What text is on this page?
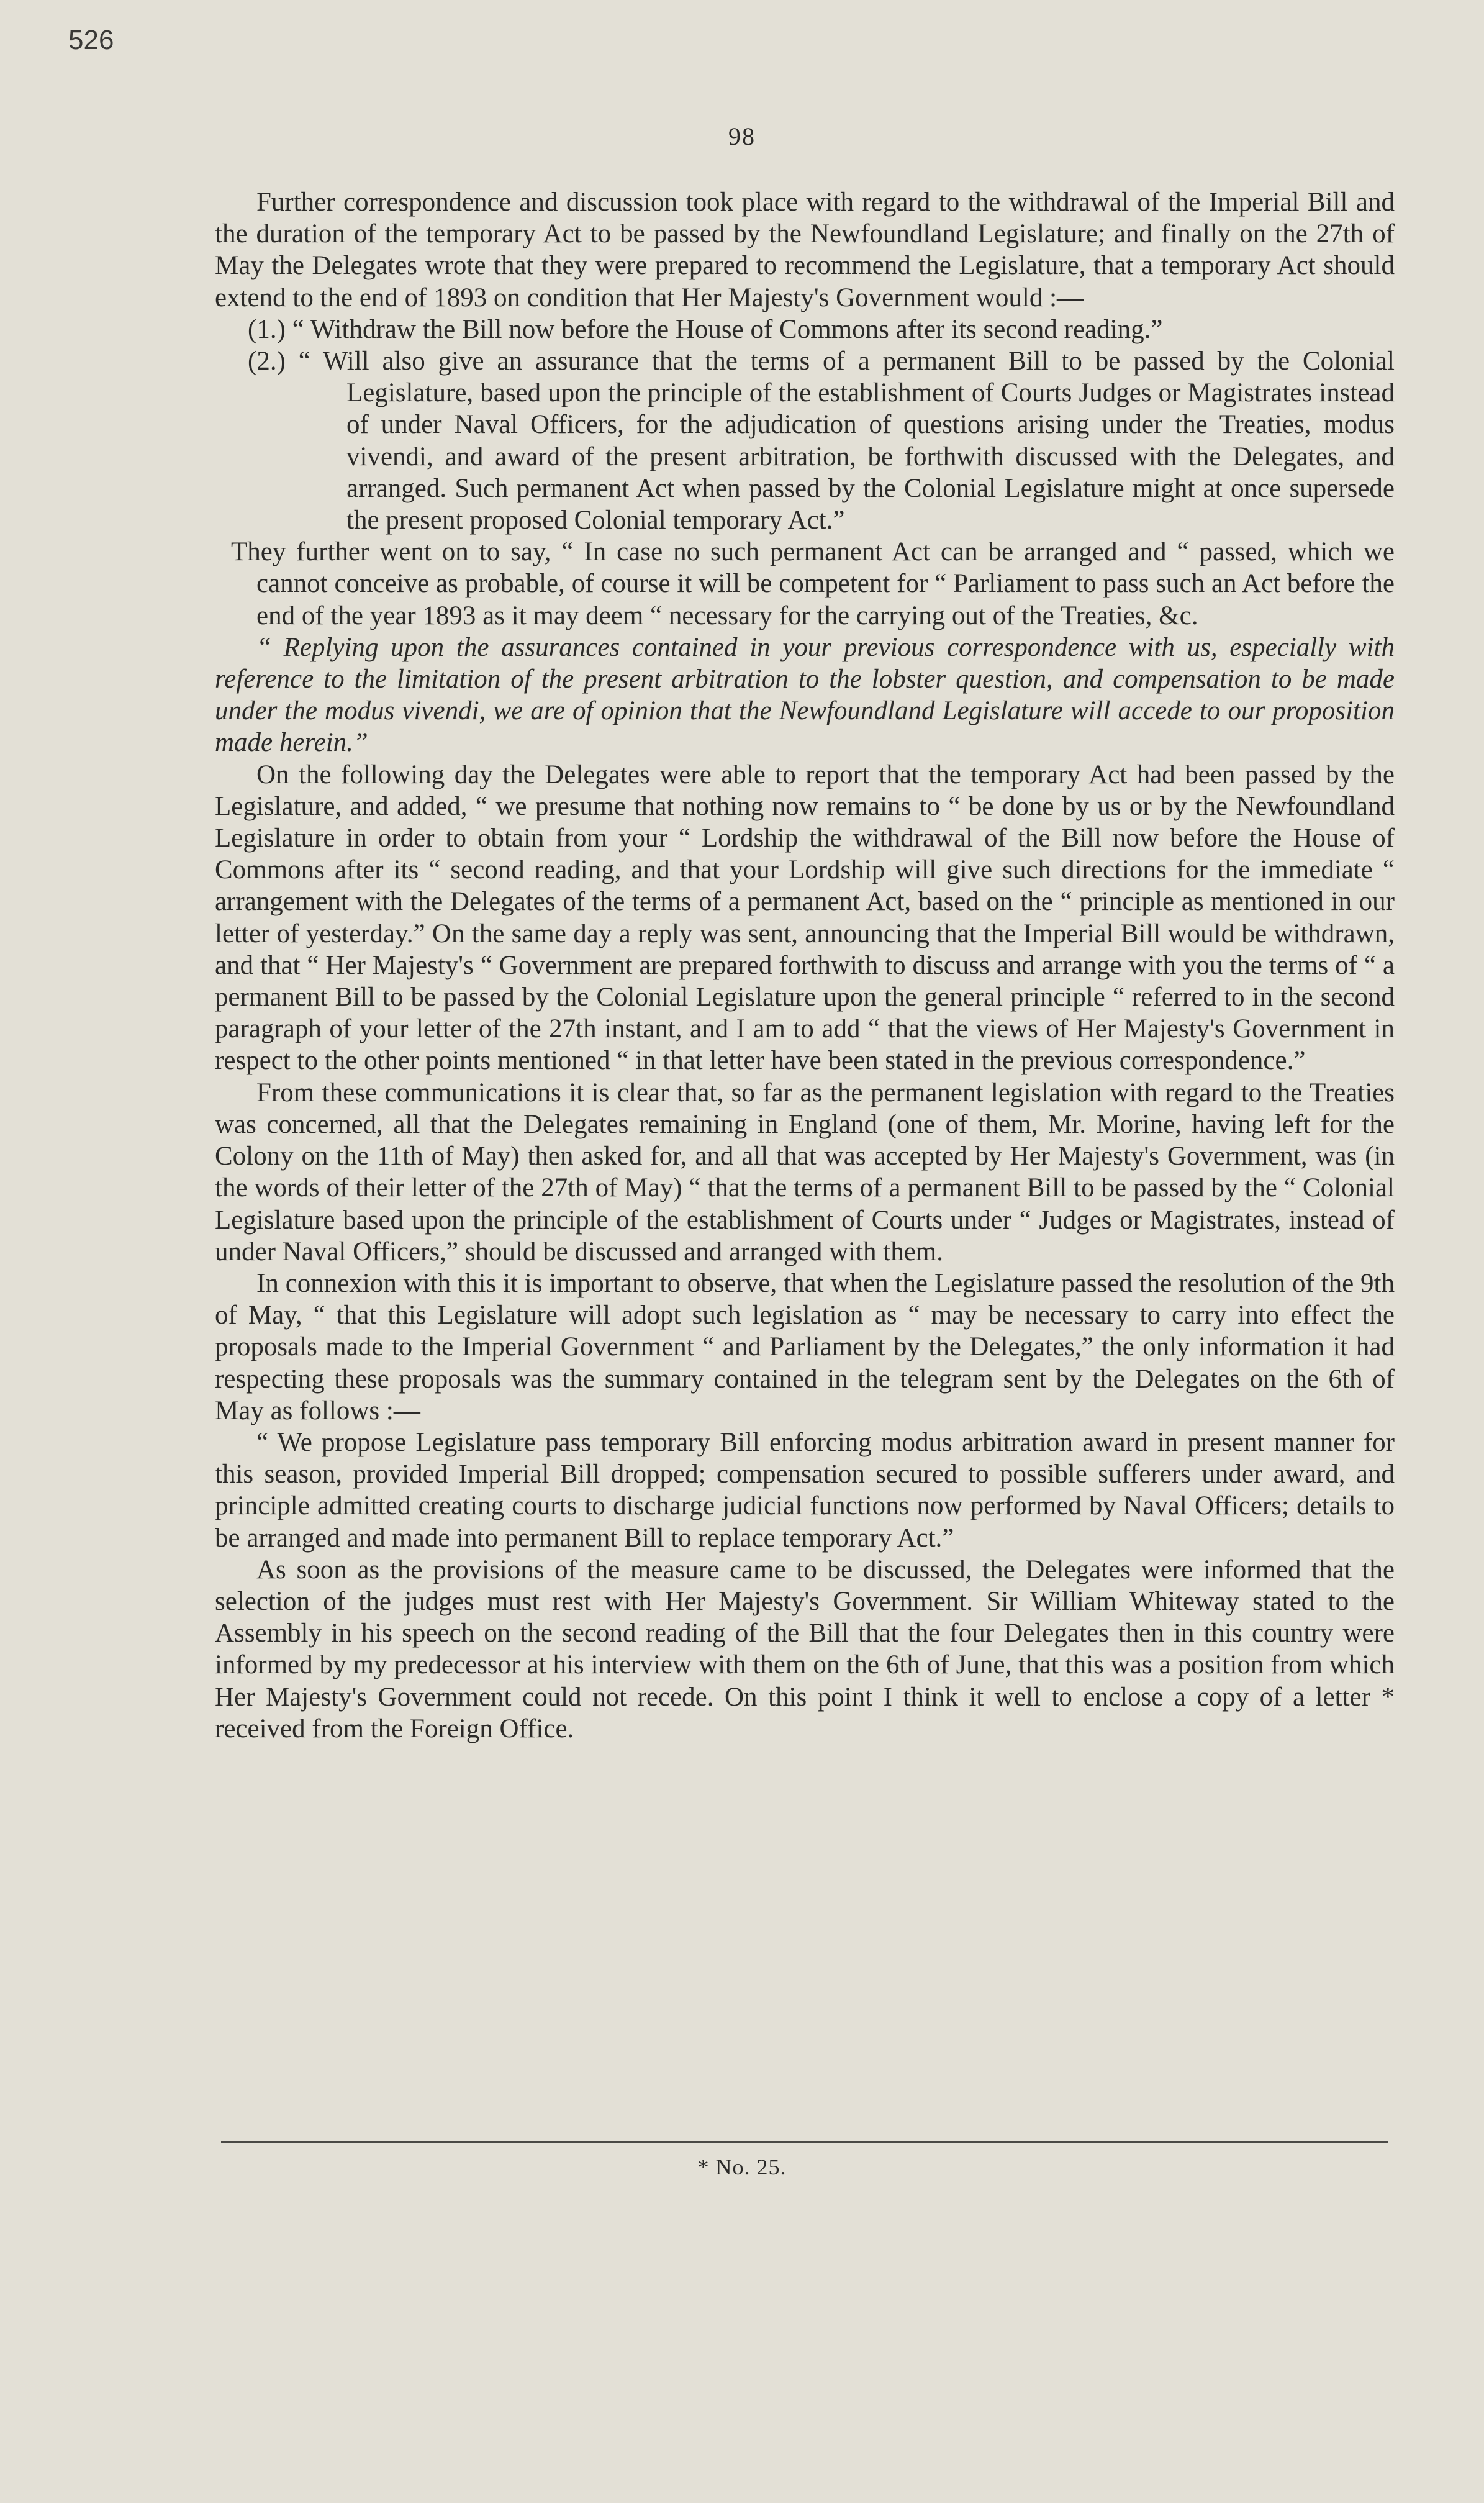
526
98

Further correspondence and discussion took place with regard to the withdrawal of the Imperial Bill and the duration of the temporary Act to be passed by the Newfoundland Legislature; and finally on the 27th of May the Delegates wrote that they were prepared to recommend the Legislature, that a temporary Act should extend to the end of 1893 on condition that Her Majesty's Government would :—

(1.) “ Withdraw the Bill now before the House of Commons after its second reading.”

(2.) “ Will also give an assurance that the terms of a permanent Bill to be passed by the Colonial Legislature, based upon the principle of the establishment of Courts Judges or Magistrates instead of under Naval Officers, for the adjudication of questions arising under the Treaties, modus vivendi, and award of the present arbitration, be forthwith discussed with the Delegates, and arranged. Such permanent Act when passed by the Colonial Legislature might at once supersede the present proposed Colonial temporary Act.”

They further went on to say, “ In case no such permanent Act can be arranged and “ passed, which we cannot conceive as probable, of course it will be competent for “ Parliament to pass such an Act before the end of the year 1893 as it may deem “ necessary for the carrying out of the Treaties, &c.

“ Replying upon the assurances contained in your previous correspondence with us, especially with reference to the limitation of the present arbitration to the lobster question, and compensation to be made under the modus vivendi, we are of opinion that the Newfoundland Legislature will accede to our proposition made herein.”

On the following day the Delegates were able to report that the temporary Act had been passed by the Legislature, and added, “ we presume that nothing now remains to “ be done by us or by the Newfoundland Legislature in order to obtain from your “ Lordship the withdrawal of the Bill now before the House of Commons after its “ second reading, and that your Lordship will give such directions for the immediate “ arrangement with the Delegates of the terms of a permanent Act, based on the “ principle as mentioned in our letter of yesterday.” On the same day a reply was sent, announcing that the Imperial Bill would be withdrawn, and that “ Her Majesty's “ Government are prepared forthwith to discuss and arrange with you the terms of “ a permanent Bill to be passed by the Colonial Legislature upon the general principle “ referred to in the second paragraph of your letter of the 27th instant, and I am to add “ that the views of Her Majesty's Government in respect to the other points mentioned “ in that letter have been stated in the previous correspondence.”

From these communications it is clear that, so far as the permanent legislation with regard to the Treaties was concerned, all that the Delegates remaining in England (one of them, Mr. Morine, having left for the Colony on the 11th of May) then asked for, and all that was accepted by Her Majesty's Government, was (in the words of their letter of the 27th of May) “ that the terms of a permanent Bill to be passed by the “ Colonial Legislature based upon the principle of the establishment of Courts under “ Judges or Magistrates, instead of under Naval Officers,” should be discussed and arranged with them.

In connexion with this it is important to observe, that when the Legislature passed the resolution of the 9th of May, “ that this Legislature will adopt such legislation as “ may be necessary to carry into effect the proposals made to the Imperial Government “ and Parliament by the Delegates,” the only information it had respecting these proposals was the summary contained in the telegram sent by the Delegates on the 6th of May as follows :—

“ We propose Legislature pass temporary Bill enforcing modus arbitration award in present manner for this season, provided Imperial Bill dropped; compensation secured to possible sufferers under award, and principle admitted creating courts to discharge judicial functions now performed by Naval Officers; details to be arranged and made into permanent Bill to replace temporary Act.”

As soon as the provisions of the measure came to be discussed, the Delegates were informed that the selection of the judges must rest with Her Majesty's Government. Sir William Whiteway stated to the Assembly in his speech on the second reading of the Bill that the four Delegates then in this country were informed by my predecessor at his interview with them on the 6th of June, that this was a position from which Her Majesty's Government could not recede. On this point I think it well to enclose a copy of a letter * received from the Foreign Office.

* No. 25.
